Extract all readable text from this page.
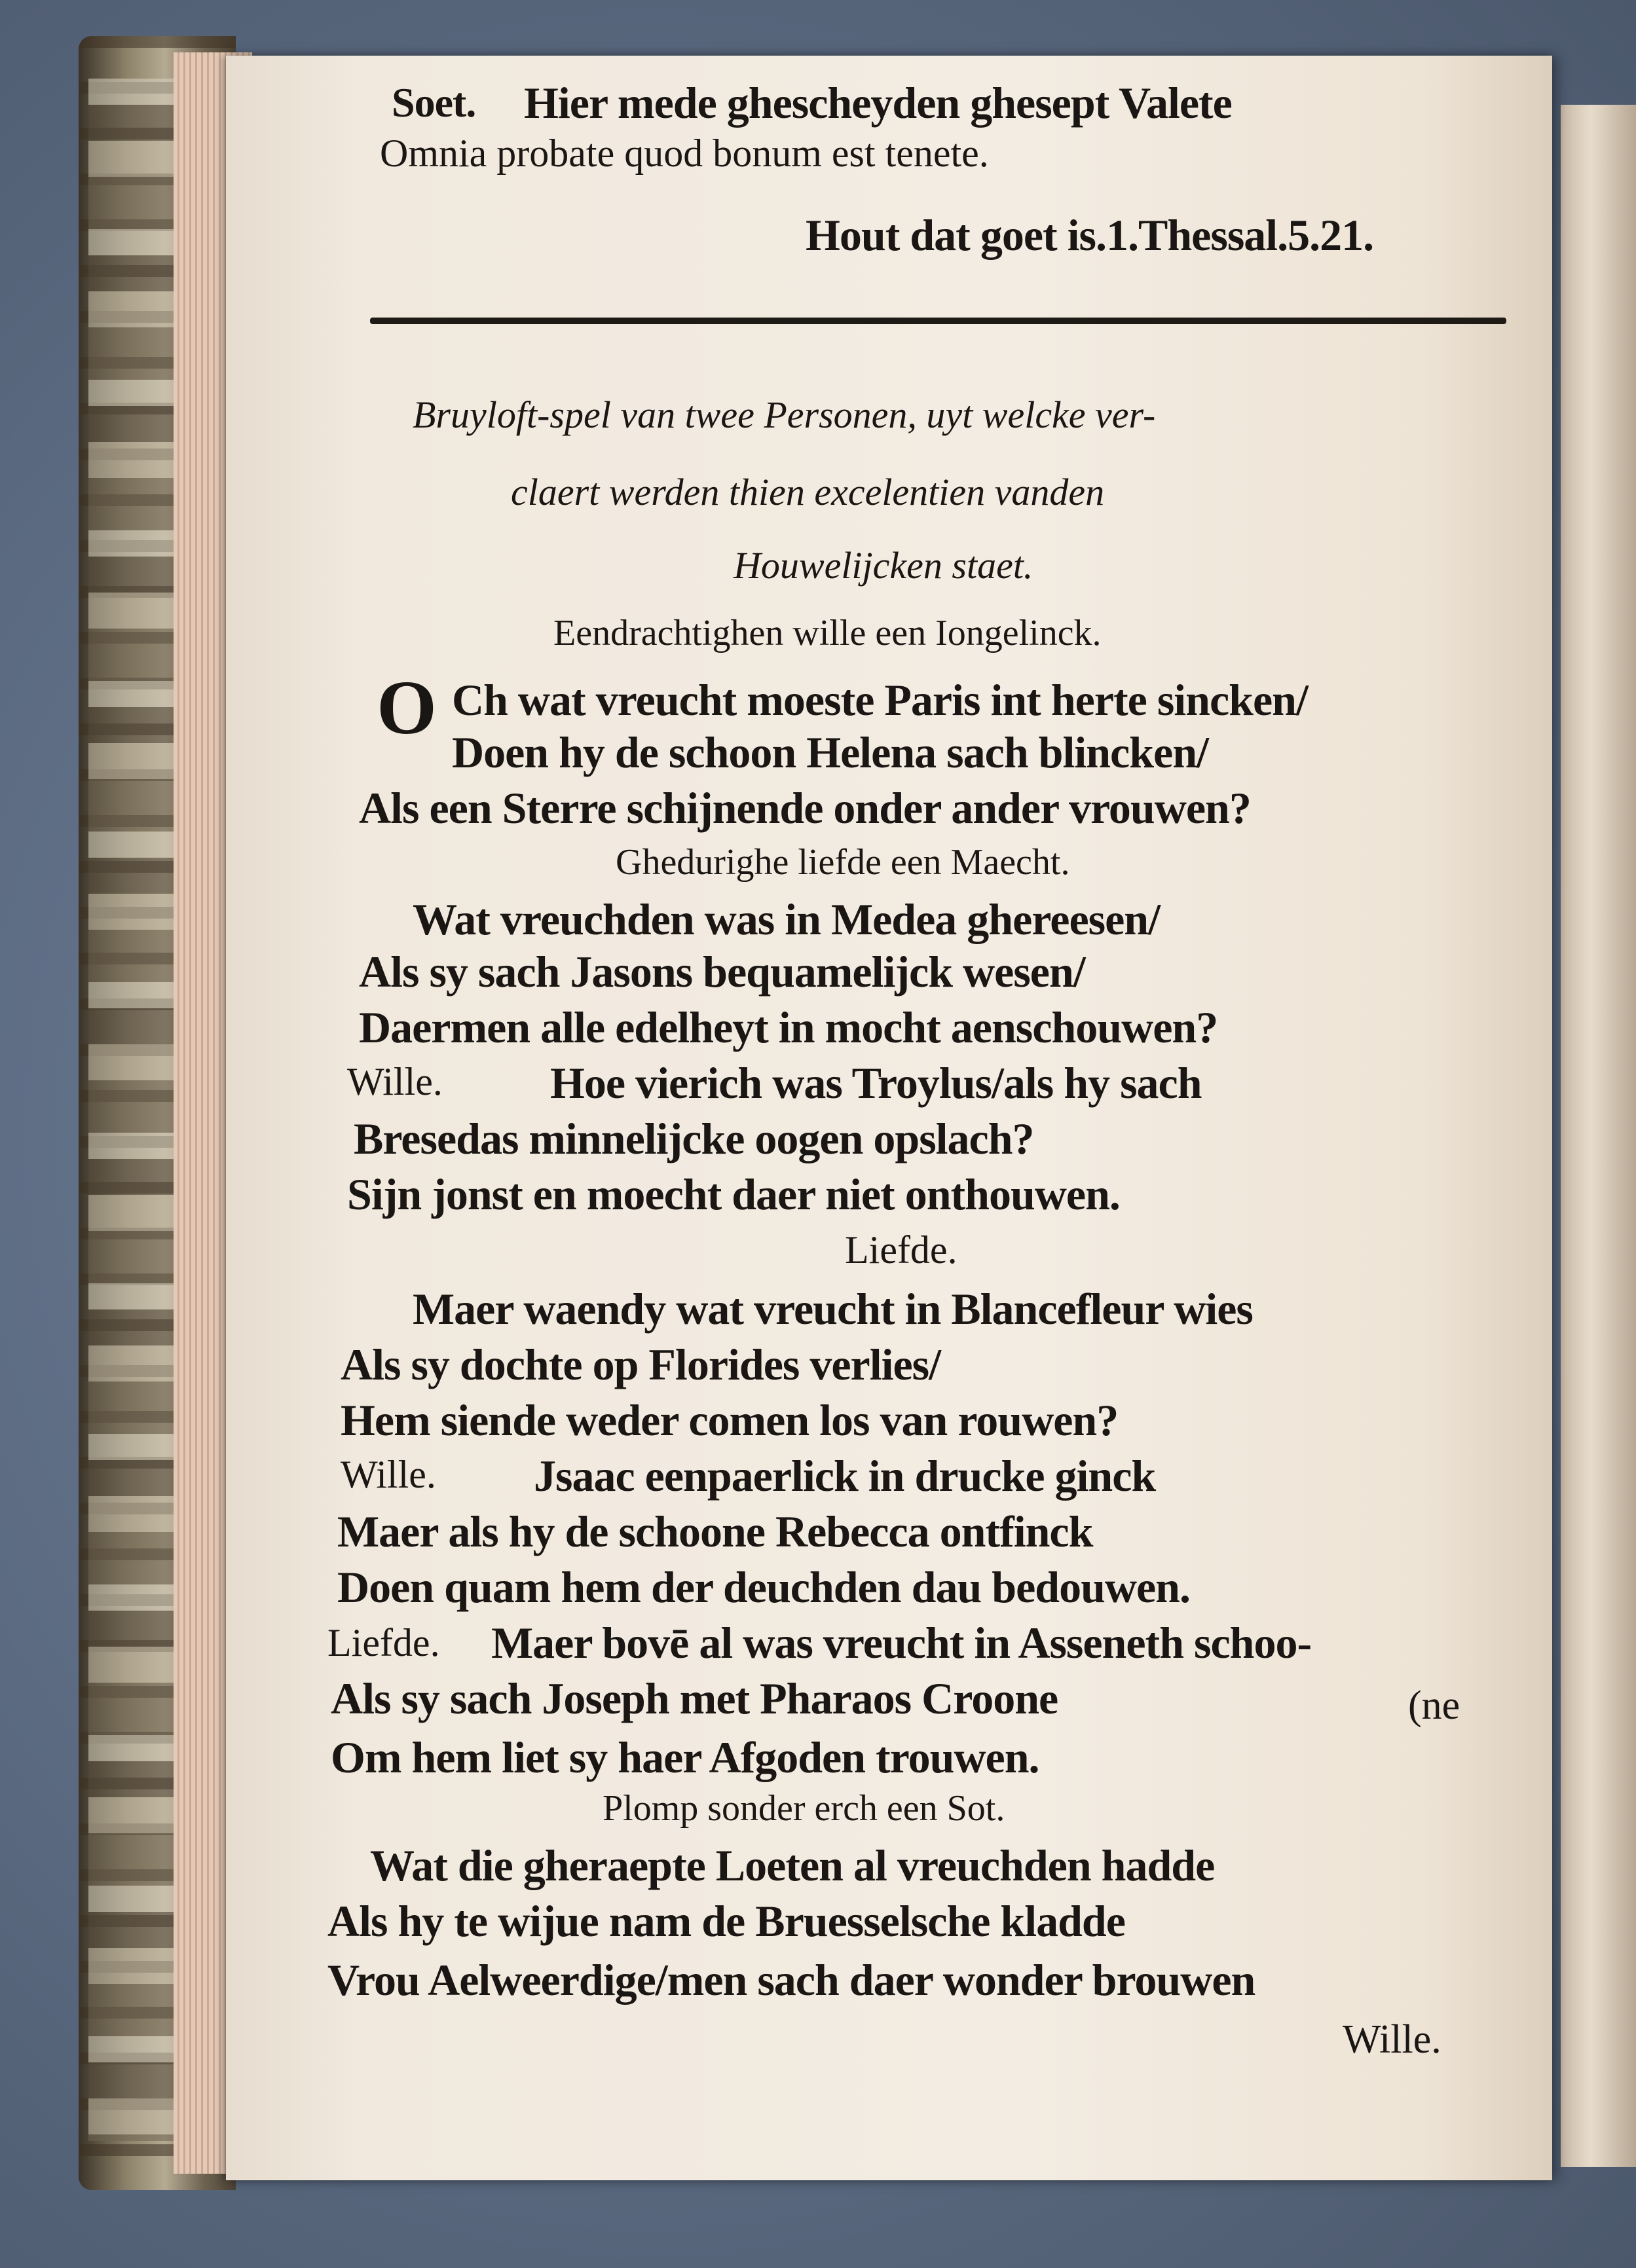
Soet. Hier mede ghescheyden ghesept Valete
Omnia probate quod bonum est tenete.
Hout dat goet is.1.Thessal.5.21.
Bruyloft-spel van twee Personen, uyt welcke ver-
claert werden thien excelentien vanden
Houwelijcken staet.
Eendrachtighen wille een Iongelinck.
O Ch wat vreucht moeste Paris int herte sincken/
Doen hy de schoon Helena sach blincken/
Als een Sterre schijnende onder ander vrouwen?
Ghedurighe liefde een Maecht.
Wat vreuchden was in Medea ghereesen/
Als sy sach Jasons bequamelijck wesen/
Daermen alle edelheyt in mocht aenschouwen?
Wille. Hoe vierich was Troylus/als hy sach
Bresedas minnelijcke oogen opslach?
Sijn jonst en moecht daer niet onthouwen.
Liefde.
Maer waendy wat vreucht in Blancefleur wies
Als sy dochte op Florides verlies/
Hem siende weder comen los van rouwen?
Wille. Jsaac eenpaerlick in drucke ginck
Maer als hy de schoone Rebecca ontfinck
Doen quam hem der deuchden dau bedouwen.
Liefde. Maer bovē al was vreucht in Asseneth schoo-
Als sy sach Joseph met Pharaos Croone	(ne
Om hem liet sy haer Afgoden trouwen.
Plomp sonder erch een Sot.
Wat die gheraepte Loeten al vreuchden hadde
Als hy te wijue nam de Bruesselsche kladde
Vrou Aelweerdige/men sach daer wonder brouwen
Wille.
